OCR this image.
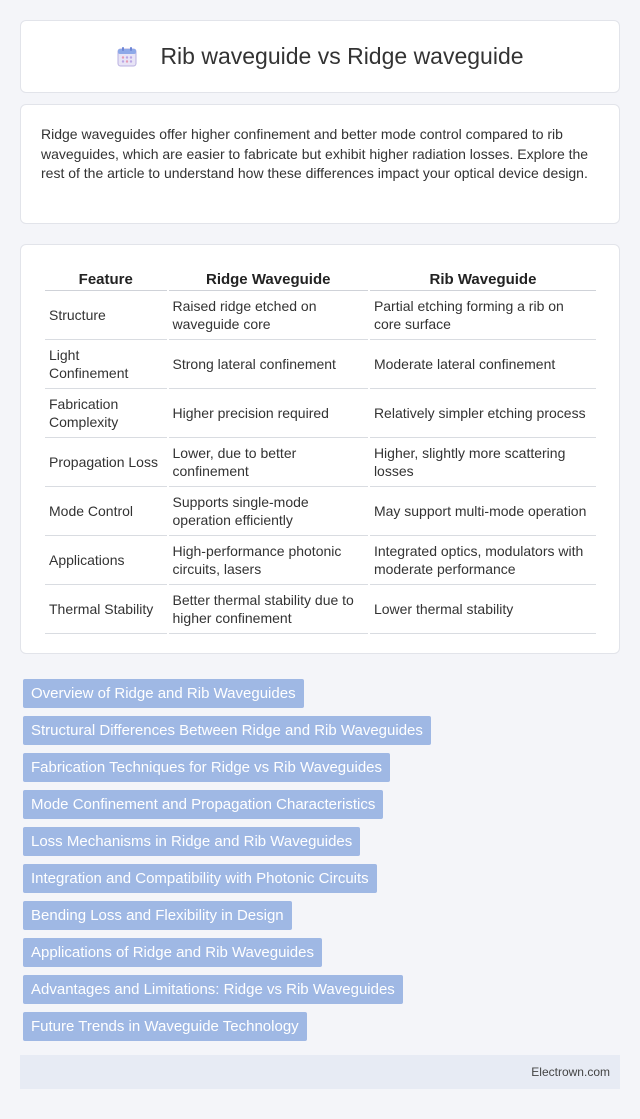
Rib waveguide vs Ridge waveguide

Ridge waveguides offer higher confinement and better mode control compared to rib waveguides, which are easier to fabricate but exhibit higher radiation losses. Explore the rest of the article to understand how these differences impact your optical device design.

Feature	Ridge Waveguide	Rib Waveguide
Structure	Raised ridge etched on waveguide core	Partial etching forming a rib on core surface
Light Confinement	Strong lateral confinement	Moderate lateral confinement
Fabrication Complexity	Higher precision required	Relatively simpler etching process
Propagation Loss	Lower, due to better confinement	Higher, slightly more scattering losses
Mode Control	Supports single-mode operation efficiently	May support multi-mode operation
Applications	High-performance photonic circuits, lasers	Integrated optics, modulators with moderate performance
Thermal Stability	Better thermal stability due to higher confinement	Lower thermal stability
Overview of Ridge and Rib Waveguides
Structural Differences Between Ridge and Rib Waveguides
Fabrication Techniques for Ridge vs Rib Waveguides
Mode Confinement and Propagation Characteristics
Loss Mechanisms in Ridge and Rib Waveguides
Integration and Compatibility with Photonic Circuits
Bending Loss and Flexibility in Design
Applications of Ridge and Rib Waveguides
Advantages and Limitations: Ridge vs Rib Waveguides
Future Trends in Waveguide Technology
Electrown.com
